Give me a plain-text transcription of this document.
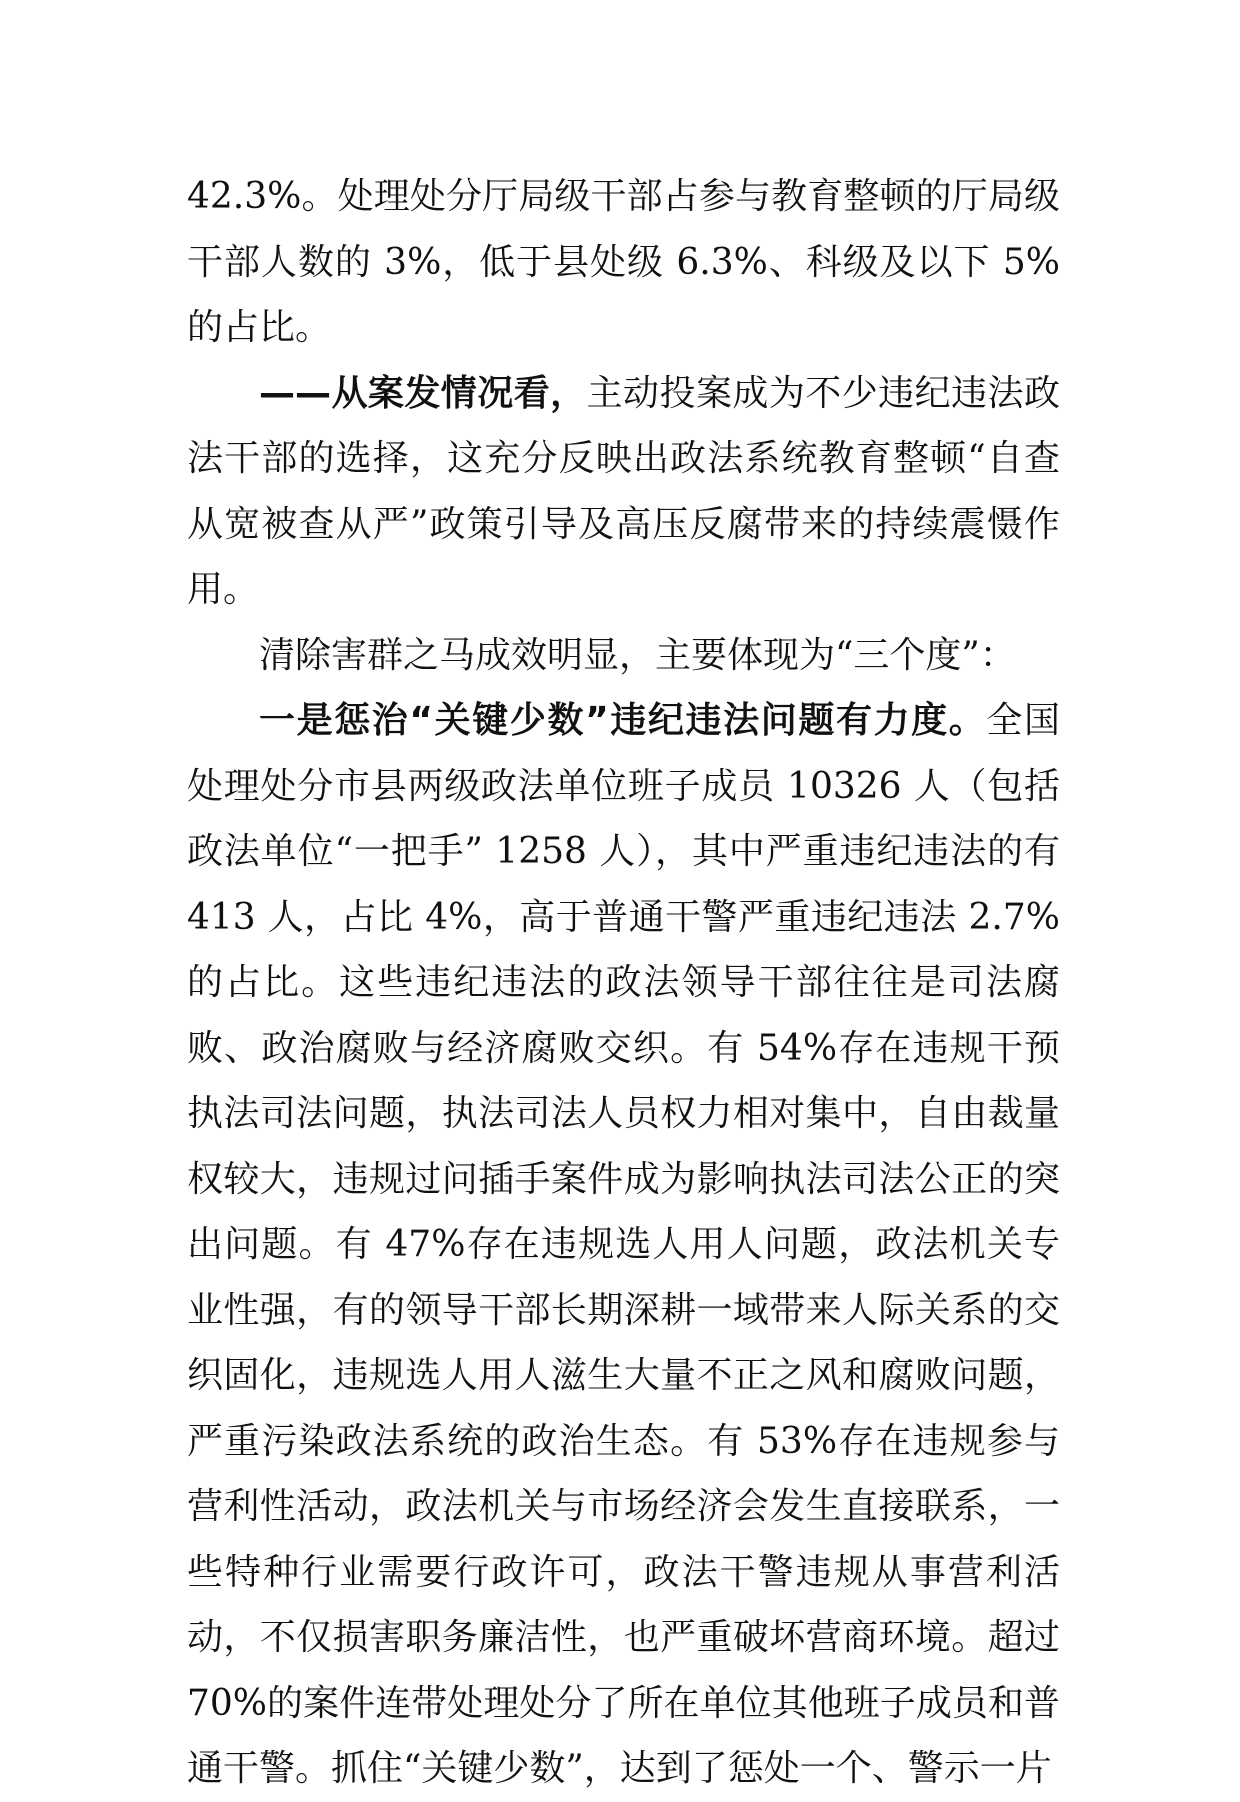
42.3%。处理处分厅局级干部占参与教育整顿的厅局级干部人数的 3%，低于县处级 6.3%、科级及以下 5%的占比。

——从案发情况看，主动投案成为不少违纪违法政法干部的选择，这充分反映出政法系统教育整顿“自查从宽被查从严”政策引导及高压反腐带来的持续震慑作用。

清除害群之马成效明显，主要体现为“三个度”：

一是惩治“关键少数”违纪违法问题有力度。全国处理处分市县两级政法单位班子成员 10326 人（包括政法单位“一把手” 1258 人），其中严重违纪违法的有 413 人，占比 4%，高于普通干警严重违纪违法 2.7%的占比。这些违纪违法的政法领导干部往往是司法腐败、政治腐败与经济腐败交织。有 54%存在违规干预执法司法问题，执法司法人员权力相对集中，自由裁量权较大，违规过问插手案件成为影响执法司法公正的突出问题。有 47%存在违规选人用人问题，政法机关专业性强，有的领导干部长期深耕一域带来人际关系的交织固化，违规选人用人滋生大量不正之风和腐败问题，严重污染政法系统的政治生态。有 53%存在违规参与营利性活动，政法机关与市场经济会发生直接联系，一些特种行业需要行政许可，政法干警违规从事营利活动，不仅损害职务廉洁性，也严重破坏营商环境。超过 70%的案件连带处理处分了所在单位其他班子成员和普通干警。抓住“关键少数”，达到了惩处一个、警示一片
